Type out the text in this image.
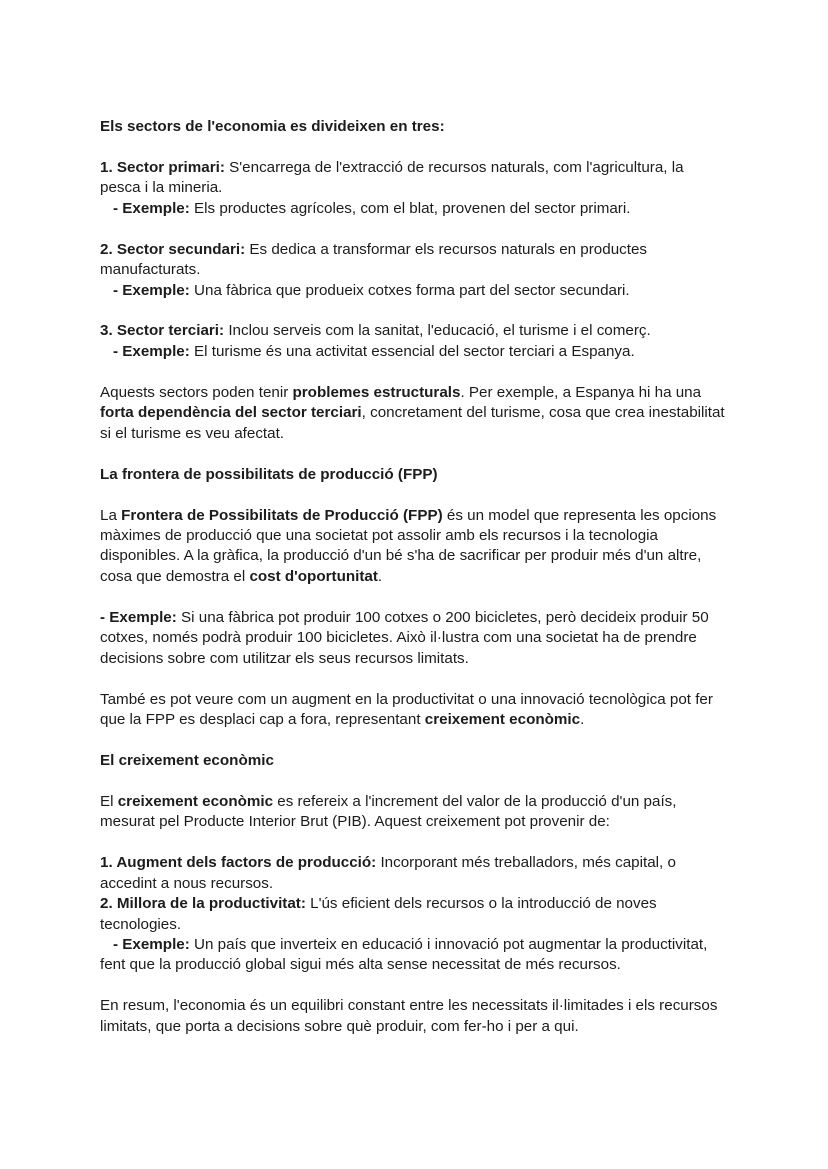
Els sectors de l'economia es divideixen en tres:
1. Sector primari: S'encarrega de l'extracció de recursos naturals, com l'agricultura, la pesca i la mineria.
- Exemple: Els productes agrícoles, com el blat, provenen del sector primari.
2. Sector secundari: Es dedica a transformar els recursos naturals en productes manufacturats.
- Exemple: Una fàbrica que produeix cotxes forma part del sector secundari.
3. Sector terciari: Inclou serveis com la sanitat, l'educació, el turisme i el comerç.
- Exemple: El turisme és una activitat essencial del sector terciari a Espanya.
Aquests sectors poden tenir problemes estructurals. Per exemple, a Espanya hi ha una forta dependència del sector terciari, concretament del turisme, cosa que crea inestabilitat si el turisme es veu afectat.
La frontera de possibilitats de producció (FPP)
La Frontera de Possibilitats de Producció (FPP) és un model que representa les opcions màximes de producció que una societat pot assolir amb els recursos i la tecnologia disponibles. A la gràfica, la producció d'un bé s'ha de sacrificar per produir més d'un altre, cosa que demostra el cost d'oportunitat.
- Exemple: Si una fàbrica pot produir 100 cotxes o 200 bicicletes, però decideix produir 50 cotxes, només podrà produir 100 bicicletes. Això il·lustra com una societat ha de prendre decisions sobre com utilitzar els seus recursos limitats.
També es pot veure com un augment en la productivitat o una innovació tecnològica pot fer que la FPP es desplaci cap a fora, representant creixement econòmic.
El creixement econòmic
El creixement econòmic es refereix a l'increment del valor de la producció d'un país, mesurat pel Producte Interior Brut (PIB). Aquest creixement pot provenir de:
1. Augment dels factors de producció: Incorporant més treballadors, més capital, o accedint a nous recursos.
2. Millora de la productivitat: L'ús eficient dels recursos o la introducció de noves tecnologies.
- Exemple: Un país que inverteix en educació i innovació pot augmentar la productivitat, fent que la producció global sigui més alta sense necessitat de més recursos.
En resum, l'economia és un equilibri constant entre les necessitats il·limitades i els recursos limitats, que porta a decisions sobre què produir, com fer-ho i per a qui.
